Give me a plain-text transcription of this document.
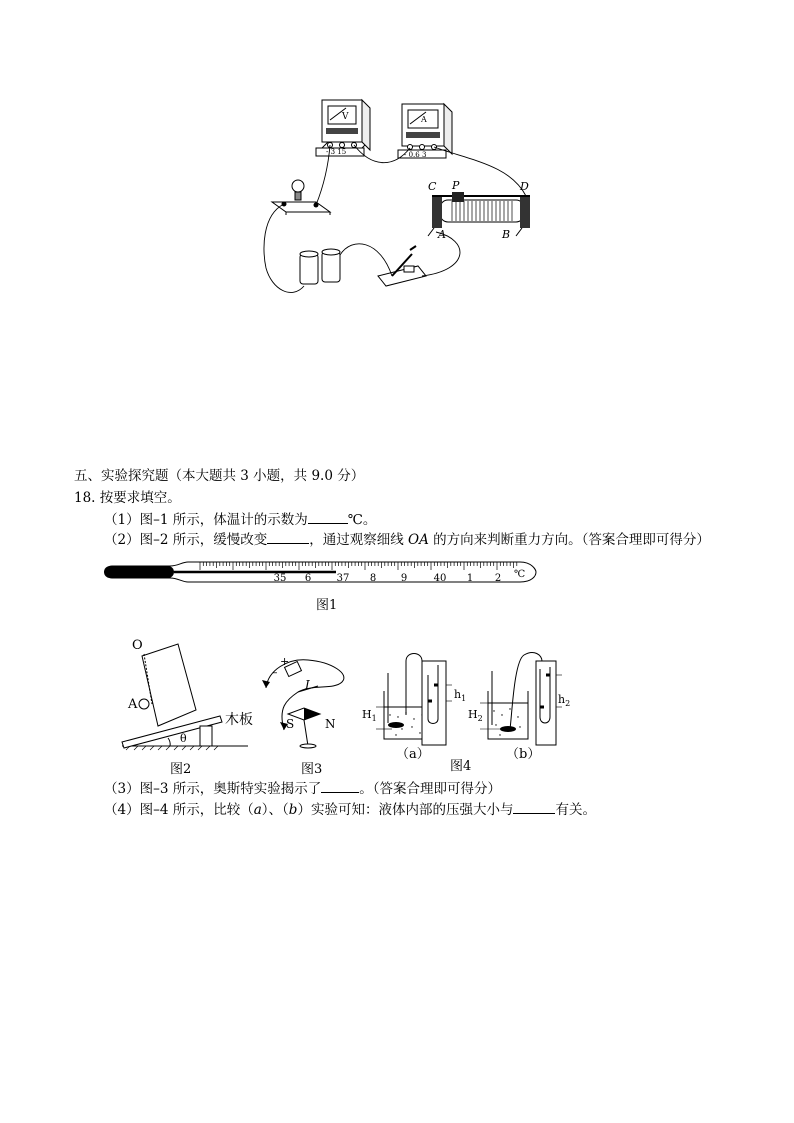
V
- 3 15
A
- 0.6 3
C P	D
A	B
五、实验探究题（本大题共 3 小题，共 9.0 分）
18. 按要求填空。
（1）图–1 所示，体温计的示数为	℃。
（2）图–2 所示，缓慢改变	，通过观察细线 OA 的方向来判断重力方向。（答案合理即可得分）
℃
35 6	37 8 9	40 1 2
图1
O
A
木板
θ
图2
+
–
I
S	N
图3
$H_1$
$h_1$
$H_2$
$h_2$
（a）
图4
（b）
（3）图–3 所示，奥斯特实验揭示了	。（答案合理即可得分）
（4）图–4 所示，比较（a）、（b）实验可知：液体内部的压强大小与	有关。
